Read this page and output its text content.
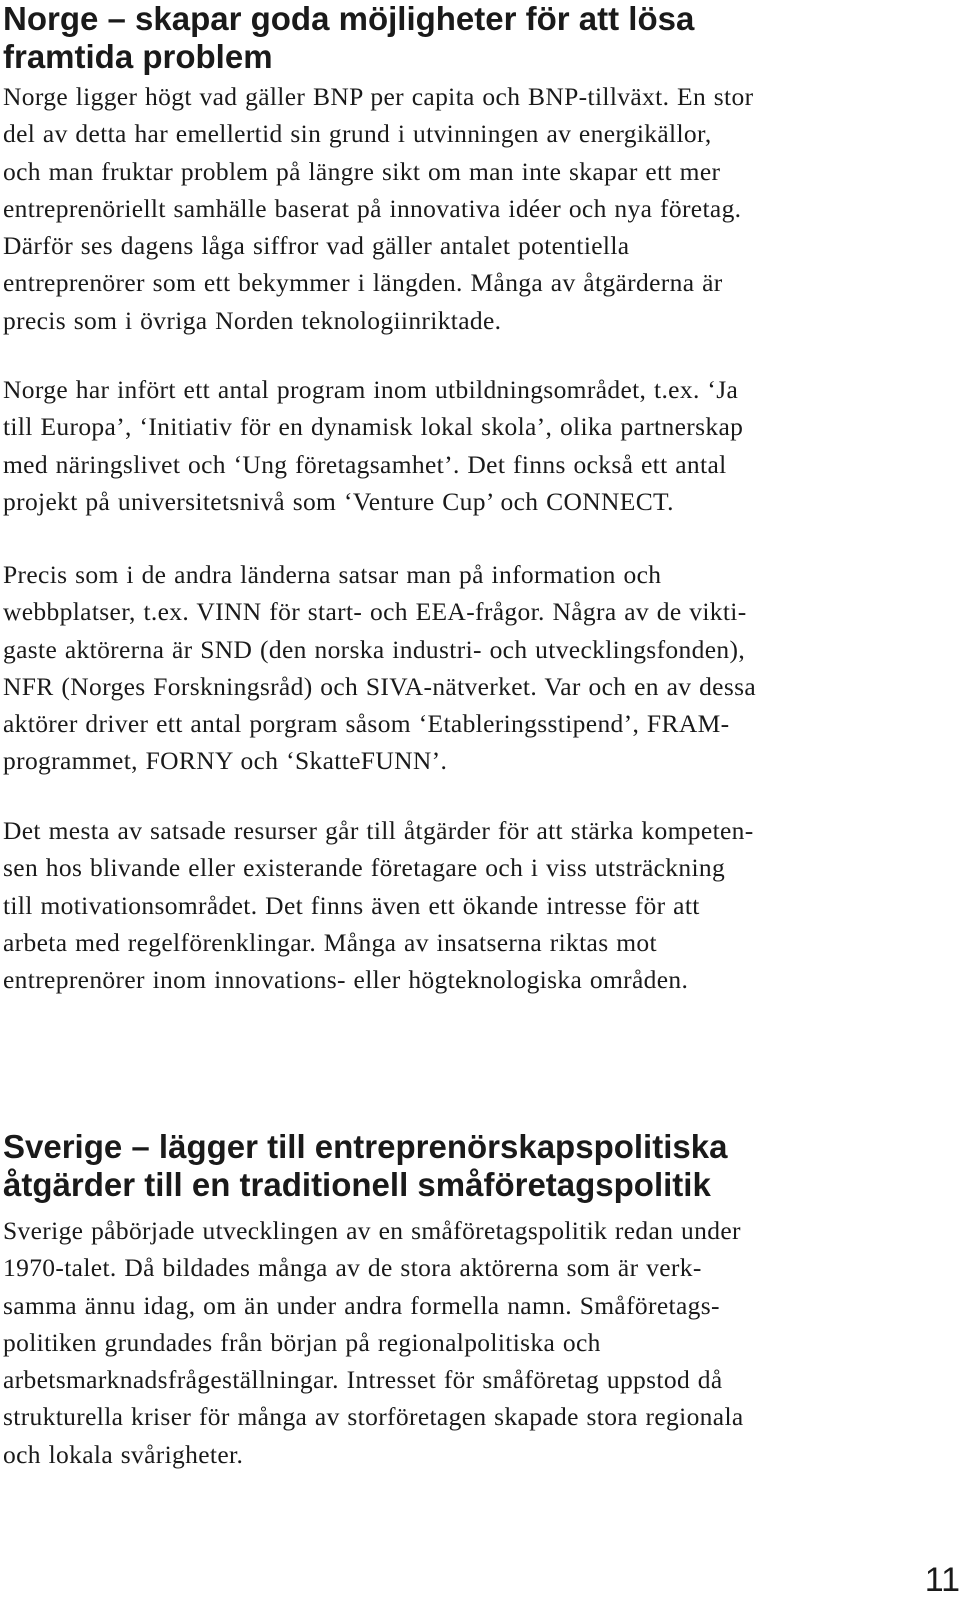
Norge – skapar goda möjligheter för att lösa
framtida problem

Norge ligger högt vad gäller BNP per capita och BNP-tillväxt. En stor
del av detta har emellertid sin grund i utvinningen av energikällor,
och man fruktar problem på längre sikt om man inte skapar ett mer
entreprenöriellt samhälle baserat på innovativa idéer och nya företag.
Därför ses dagens låga siffror vad gäller antalet potentiella
entreprenörer som ett bekymmer i längden. Många av åtgärderna är
precis som i övriga Norden teknologiinriktade.

Norge har infört ett antal program inom utbildningsområdet, t.ex. ‘Ja
till Europa’, ‘Initiativ för en dynamisk lokal skola’, olika partnerskap
med näringslivet och ‘Ung företagsamhet’. Det finns också ett antal
projekt på universitetsnivå som ‘Venture Cup’ och CONNECT.

Precis som i de andra länderna satsar man på information och
webbplatser, t.ex. VINN för start- och EEA-frågor. Några av de vikti-
gaste aktörerna är SND (den norska industri- och utvecklingsfonden),
NFR (Norges Forskningsråd) och SIVA-nätverket. Var och en av dessa
aktörer driver ett antal porgram såsom ‘Etableringsstipend’, FRAM-
programmet, FORNY och ‘SkatteFUNN’.

Det mesta av satsade resurser går till åtgärder för att stärka kompeten-
sen hos blivande eller existerande företagare och i viss utsträckning
till motivationsområdet. Det finns även ett ökande intresse för att
arbeta med regelförenklingar. Många av insatserna riktas mot
entreprenörer inom innovations- eller högteknologiska områden.

Sverige – lägger till entreprenörskapspolitiska
åtgärder till en traditionell småföretagspolitik

Sverige påbörjade utvecklingen av en småföretagspolitik redan under
1970-talet. Då bildades många av de stora aktörerna som är verk-
samma ännu idag, om än under andra formella namn. Småföretags-
politiken grundades från början på regionalpolitiska och
arbetsmarknadsfrågeställningar. Intresset för småföretag uppstod då
strukturella kriser för många av storföretagen skapade stora regionala
och lokala svårigheter.

11
